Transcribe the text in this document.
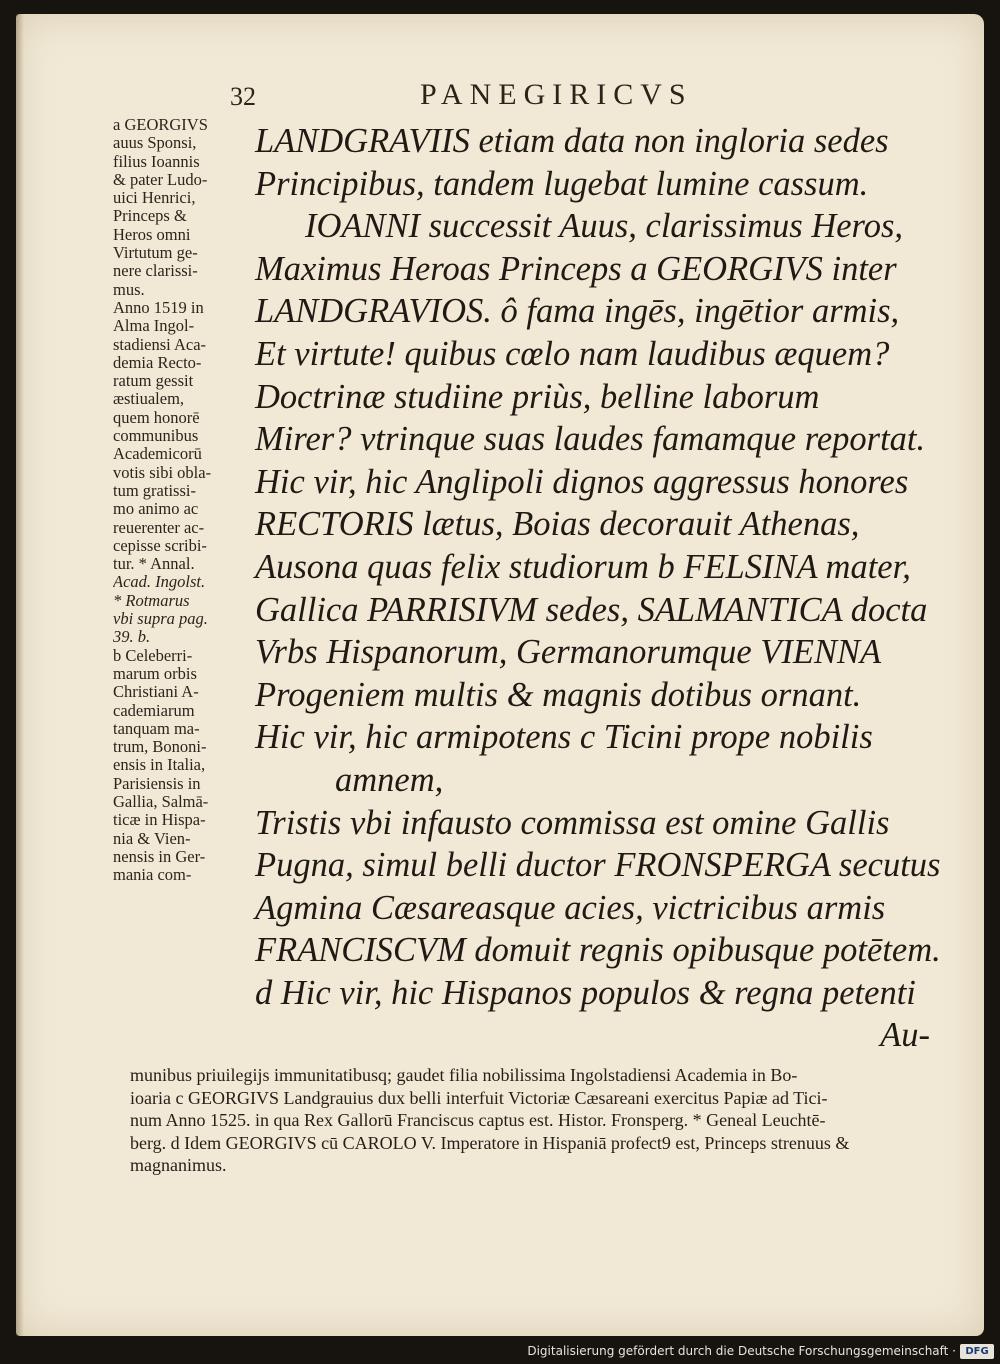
32	PANEGIRICVS
a GEORGIVS
auus Sponsi,
filius Ioannis
& pater Ludo-
uici Henrici,
Princeps &
Heros omni
Virtutum ge-
nere clarissi-
mus.
Anno 1519 in
Alma Ingol-
stadiensi Aca-
demia Recto-
ratum gessit
æstiualem,
quem honorē
communibus
Academicorū
votis sibi obla-
tum gratissi-
mo animo ac
reuerenter ac-
cepisse scribi-
tur. * Annal.
Acad. Ingolst.
* Rotmarus
vbi supra pag.
39. b.
b Celeberri-
marum orbis
Christiani A-
cademiarum
tanquam ma-
trum, Bononi-
ensis in Italia,
Parisiensis in
Gallia, Salmā-
ticæ in Hispa-
nia & Vien-
nensis in Ger-
mania com-
LANDGRAVIIS etiam data non ingloria sedes
Principibus, tandem lugebat lumine cassum.
IOANNI successit Auus, clarissimus Heros,
Maximus Heroas Princeps a GEORGIVS inter
LANDGRAVIOS. ô fama ingēs, ingētior armis,
Et virtute! quibus cœlo nam laudibus æquem?
Doctrinæ studiine priùs, belline laborum
Mirer? vtrinque suas laudes famamque reportat.
Hic vir, hic Anglipoli dignos aggressus honores
RECTORIS lætus, Boias decorauit Athenas,
Ausona quas felix studiorum b FELSINA mater,
Gallica PARRISIVM sedes, SALMANTICA docta
Vrbs Hispanorum, Germanorumque VIENNA
Progeniem multis & magnis dotibus ornant.
Hic vir, hic armipotens c Ticini prope nobilis
amnem,
Tristis vbi infausto commissa est omine Gallis
Pugna, simul belli ductor FRONSPERGA secutus
Agmina Cæsareasque acies, victricibus armis
FRANCISCVM domuit regnis opibusque potētem.
d Hic vir, hic Hispanos populos & regna petenti
Au-
munibus priuilegijs immunitatibusq; gaudet filia nobilissima Ingolstadiensi Academia in Bo-
ioaria c GEORGIVS Landgrauius dux belli interfuit Victoriæ Cæsareani exercitus Papiæ ad Tici-
num Anno 1525. in qua Rex Gallorū Franciscus captus est. Histor. Fronsperg. * Geneal Leuchtē-
berg. d Idem GEORGIVS cū CAROLO V. Imperatore in Hispaniā profect9 est, Princeps strenuus &
magnanimus.
Digitalisierung gefördert durch die Deutsche Forschungsgemeinschaft · DFG
